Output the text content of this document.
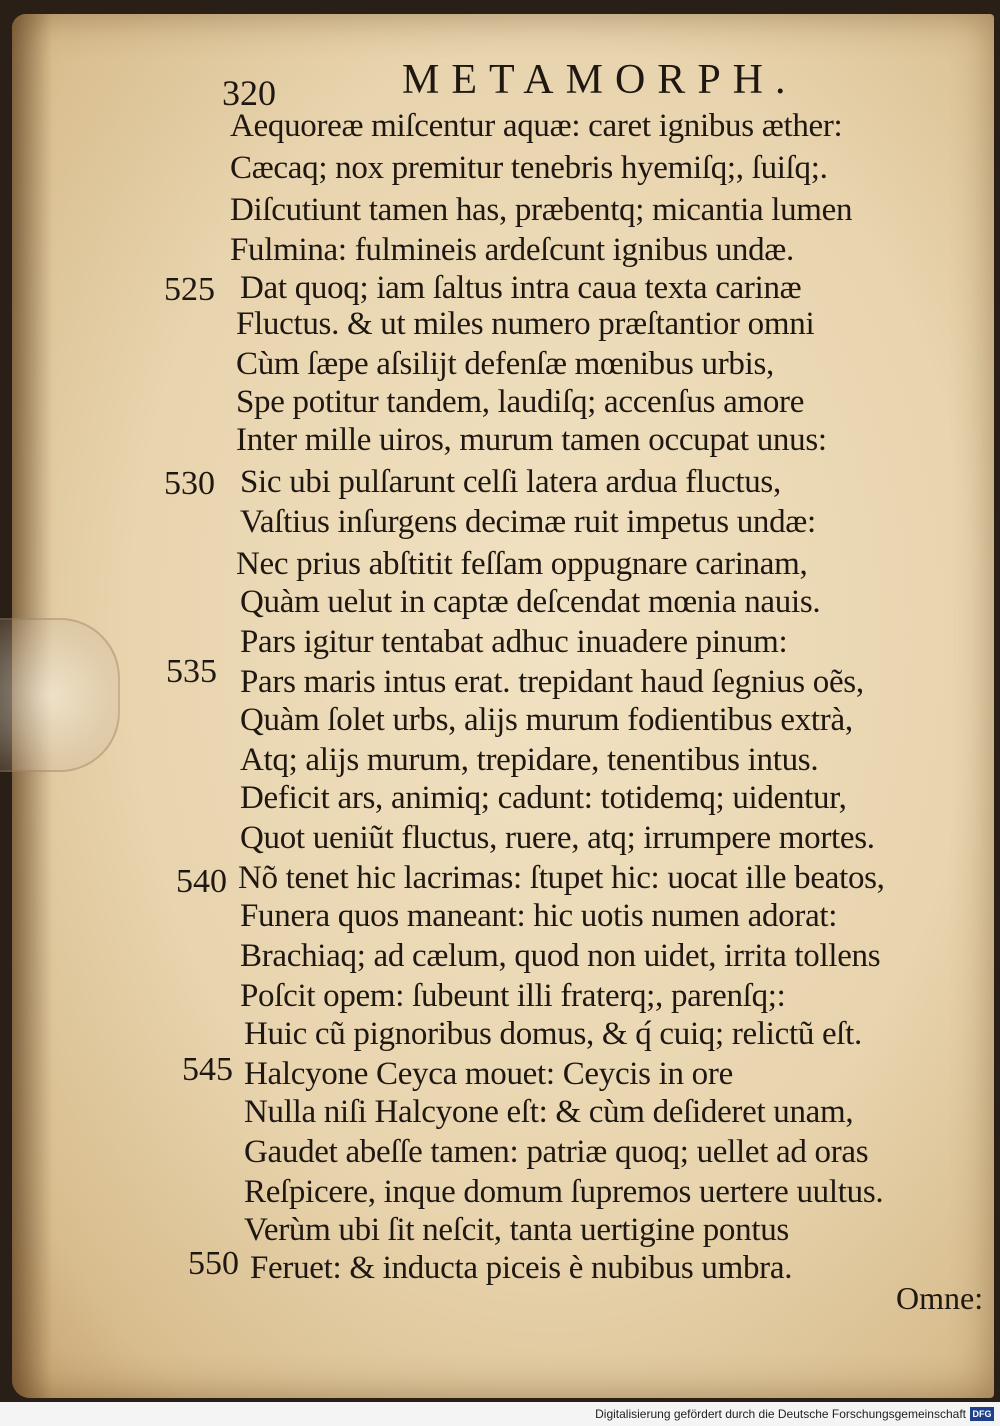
320	METAMORPH.
Aequoreæ miſcentur aquæ: caret ignibus æther:
Cæcaq; nox premitur tenebris hyemiſq;, ſuiſq;.
Diſcutiunt tamen has, præbentq; micantia lumen
Fulmina: fulmineis ardeſcunt ignibus undæ.
Dat quoq; iam ſaltus intra caua texta carinæ
Fluctus. & ut miles numero præſtantior omni
Cùm ſæpe aſsilijt defenſæ mœnibus urbis,
Spe potitur tandem, laudiſq; accenſus amore
Inter mille uiros, murum tamen occupat unus:
Sic ubi pulſarunt celſi latera ardua fluctus,
Vaſtius inſurgens decimæ ruit impetus undæ:
Nec prius abſtitit feſſam oppugnare carinam,
Quàm uelut in captæ deſcendat mœnia nauis.
Pars igitur tentabat adhuc inuadere pinum:
Pars maris intus erat. trepidant haud ſegnius oẽs,
Quàm ſolet urbs, alijs murum fodientibus extrà,
Atq; alijs murum, trepidare, tenentibus intus.
Deficit ars, animiq; cadunt: totidemq; uidentur,
Quot ueniũt fluctus, ruere, atq; irrumpere mortes.
Nõ tenet hic lacrimas: ſtupet hic: uocat ille beatos,
Funera quos maneant: hic uotis numen adorat:
Brachiaq; ad cælum, quod non uidet, irrita tollens
Poſcit opem: ſubeunt illi fraterq;, parenſq;:
Huic cũ pignoribus domus, & q́ cuiq; relictũ eſt.
Halcyone Ceyca mouet: Ceycis in ore
Nulla niſi Halcyone eſt: & cùm deſideret unam,
Gaudet abeſſe tamen: patriæ quoq; uellet ad oras
Reſpicere, inque domum ſupremos uertere uultus.
Verùm ubi ſit neſcit, tanta uertigine pontus
Feruet: & inducta piceis è nubibus umbra.
525
530
535
540
545
550
Omne:
Digitalisierung gefördert durch die Deutsche Forschungsgemeinschaft DFG
